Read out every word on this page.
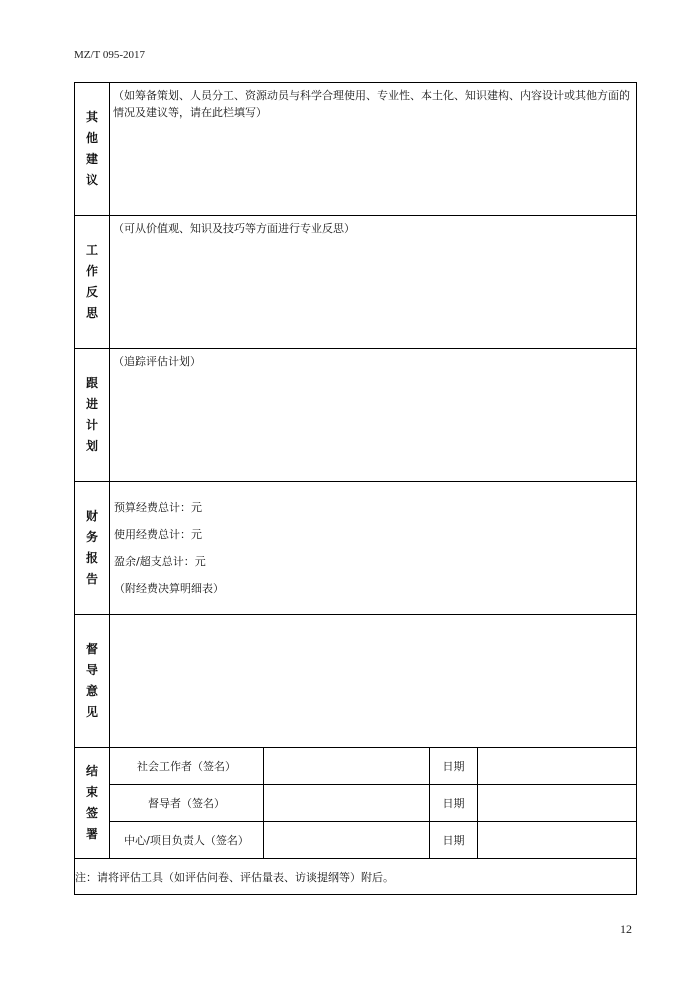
MZ/T 095-2017
其
他
建
议	（如筹备策划、人员分工、资源动员与科学合理使用、专业性、本土化、知识建构、内容设计或其他方面的情况及建议等，请在此栏填写）			

工
作
反
思	（可从价值观、知识及技巧等方面进行专业反思）			

跟
进
计
划	（追踪评估计划）			

财
务
报
告	预算经费总计：元
使用经费总计：元
盈余/超支总计：元
（附经费决算明细表）			

督
导
意
见				

结
束
签
署	社会工作者（签名）		日期	
	督导者（签名）		日期	
	中心/项目负责人（签名）		日期	
注：请将评估工具（如评估问卷、评估量表、访谈提纲等）附后。				
12
